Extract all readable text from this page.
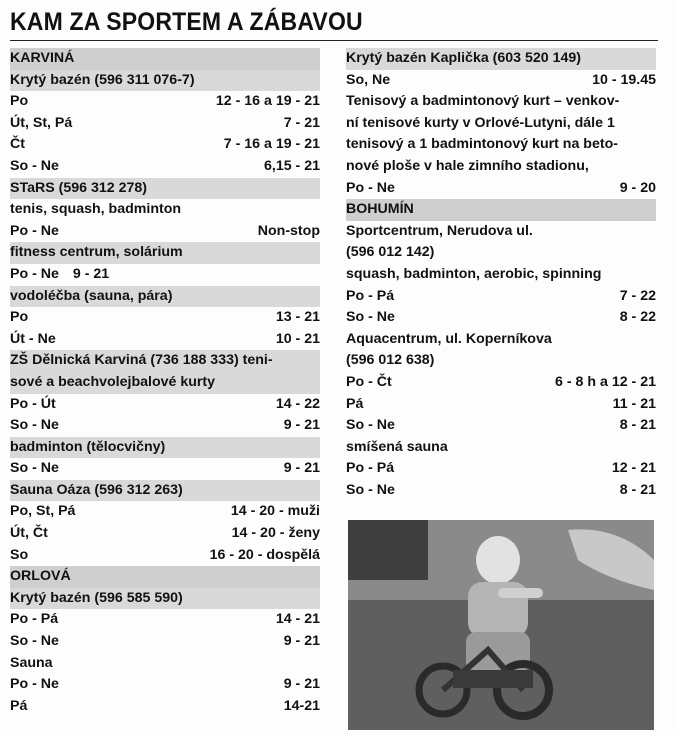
KAM ZA SPORTEM A ZÁBAVOU
KARVINÁ
Krytý bazén (596 311 076-7)
Po	12 - 16 a 19 - 21
Út, St, Pá	7 - 21
Čt	7 - 16 a 19 - 21
So - Ne	6,15 - 21
STaRS (596 312 278)
tenis, squash, badminton
Po - Ne	Non-stop
fitness centrum, solárium
Po - Ne 9 - 21
vodoléčba (sauna, pára)
Po	13 - 21
Út - Ne	10 - 21
ZŠ Dělnická Karviná (736 188 333) teni-
sové a beachvolejbalové kurty
Po - Út	14 - 22
So - Ne	9 - 21
badminton (tělocvičny)
So - Ne	9 - 21
Sauna Oáza (596 312 263)
Po, St, Pá	14 - 20 - muži
Út, Čt	14 - 20 - ženy
So	16 - 20 - dospělá
ORLOVÁ
Krytý bazén (596 585 590)
Po - Pá	14 - 21
So - Ne	9 - 21
Sauna
Po - Ne	9 - 21
Pá	14-21
Krytý bazén Kaplička (603 520 149)
So, Ne	10 - 19.45
Tenisový a badmintonový kurt – venkov-
ní tenisové kurty v Orlové-Lutyni, dále 1
tenisový a 1 badmintonový kurt na beto-
nové ploše v hale zimního stadionu,
Po - Ne	9 - 20
BOHUMÍN
Sportcentrum, Nerudova ul.
(596 012 142)
squash, badminton, aerobic, spinning
Po - Pá	7 - 22
So - Ne	8 - 22
Aquacentrum, ul. Koperníkova
(596 012 638)
Po - Čt	6 - 8 h a 12 - 21
Pá	11 - 21
So - Ne	8 - 21
smíšená sauna
Po - Pá	12 - 21
So - Ne	8 - 21
